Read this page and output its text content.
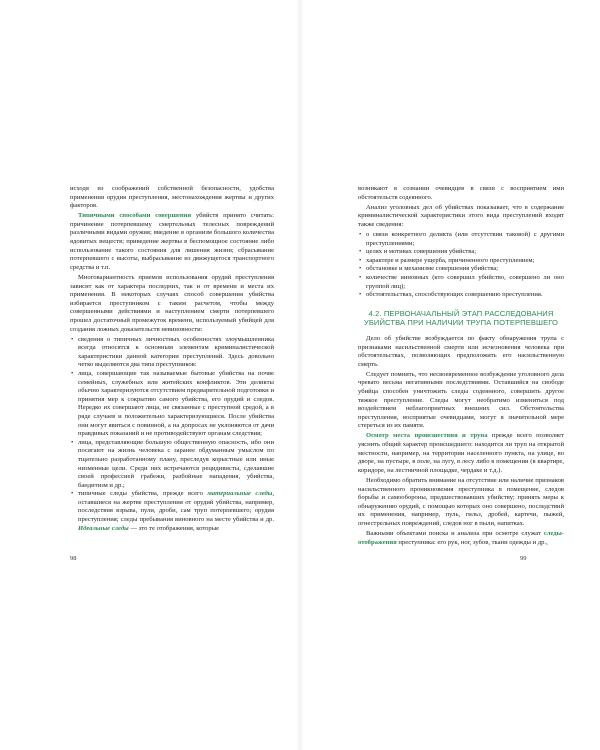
исходя из соображений собственной безопасности, удобства применения орудия преступления, местонахождения жертвы и других факторов.

Типичными способами совершения убийств принято считать: причинение потерпевшему смертельных телесных повреждений различными видами оружия; введение в организм большого количества ядовитых веществ; приведение жертвы в беспомощное состояние либо использование такого состояния для лишения жизни; сбрасывание потерпевшего с высоты, выбрасывание из движущегося транспортного средства и т.п.

Многовариантность приемов использования орудий преступления зависит как от характера последних, так и от времени и места их применения. В некоторых случаях способ совершения убийства избирается преступником с таким расчетом, чтобы между совершенными действиями и наступлением смерти потерпевшего прошел достаточный промежуток времени, используемый убийцей для создания ложных доказательств невиновности:

• сведения о типичных личностных особенностях злоумышленника всегда относятся к основным элементам криминалистической характеристики данной категории преступлений. Здесь довольно четко выделяются два типа преступников:
• лица, совершающие так называемые бытовые убийства на почве семейных, служебных или житейских конфликтов. Эти деликты обычно характеризуются отсутствием предварительной подготовки и принятия мер к сокрытию самого убийства, его орудий и следов. Нередко их совершают лица, не связанные с преступной средой, а в ряде случаев и положительно характеризующиеся. После убийства они могут явиться с повинной, а на допросах не уклоняются от дачи правдивых показаний и не противодействуют органам следствия;
• лица, представляющие большую общественную опасность, ибо они посягают на жизнь человека с заранее обдуманным умыслом по тщательно разработанному плану, преследуя корыстные или иные низменные цели. Среди них встречаются рецидивисты, сделавшие своей профессией грабежи, разбойные нападения, убийства, бандитизм и др.;
• типичные следы убийства, прежде всего материальные следы, оставшиеся на жертве преступления от орудий убийства, например, последствия взрыва, пули, дроби, сам труп потерпевшего; орудия преступления; следы пребывания виновного на месте убийства и др. Идеальные следы — это те отображения, которые
98

возникают в сознании очевидцев в связи с восприятием ими обстоятельств содеянного.

Анализ уголовных дел об убийствах показывает, что в содержание криминалистической характеристики этого вида преступлений входят также сведения:

• о связи конкретного деликта (или отсутствии таковой) с другими преступлениями;
• целях и мотивах совершения убийства;
• характере и размере ущерба, причиненного преступлением;
• обстановке и механизме совершения убийства;
• количестве виновных (кто совершил убийство, совершено ли оно группой лиц);
• обстоятельствах, способствующих совершению преступления.
4.2. ПЕРВОНАЧАЛЬНЫЙ ЭТАП РАССЛЕДОВАНИЯ УБИЙСТВА ПРИ НАЛИЧИИ ТРУПА ПОТЕРПЕВШЕГО

Дело об убийстве возбуждается по факту обнаружения трупа с признаками насильственной смерти или исчезновения человека при обстоятельствах, позволяющих предположить его насильственную смерть.

Следует помнить, что несвоевременное возбуждение уголовного дела чревато весьма негативными последствиями. Оставшийся на свободе убийца способен уничтожить следы содеянного, совершить другое тяжкое преступление. Следы могут необратимо измениться под воздействием неблагоприятных внешних сил. Обстоятельства преступления, восприятые очевидцами, могут в значительной мере стереться из их памяти.

Осмотр места происшествия и трупа прежде всего позволяет уяснить общий характер происшедшего: находится ли труп на открытой местности, например, на территории населенного пункта, на улице, во дворе, на пустыре, в поле, на лугу, в лесу либо в помещении (в квартире, коридоре, на лестничной площадке, чердаке и т.д.).

Необходимо обратить внимание на отсутствие или наличие признаков насильственного проникновения преступника в помещение, следов борьбы и самообороны, предшествовавших убийству; принять меры к обнаружению орудий, с помощью которых оно совершено, последствий их применения, например, пуль, гильз, дробей, картечи, пыжей, огнестрельных повреждений, следов ног в пыли, напитках.

Важными объектами поиска и анализа при осмотре служат следы-отображения преступника: его рук, ног, зубов, ткани одежды и др.,

99
